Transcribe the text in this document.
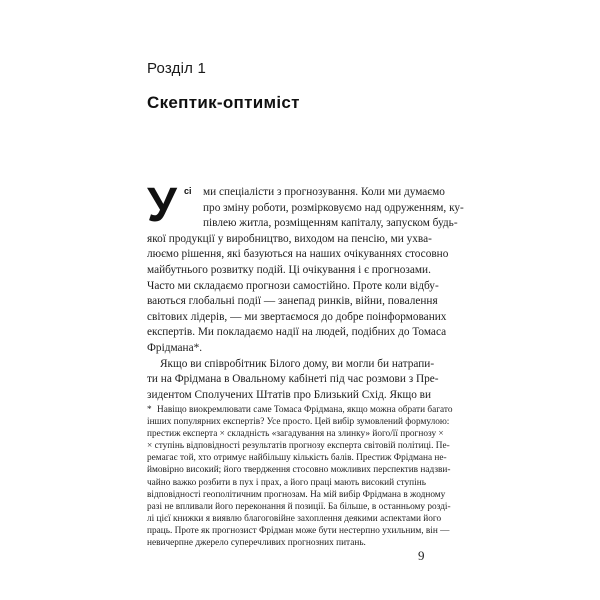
Розділ 1
Скептик-оптиміст
У сі	ми спеціалісти з прогнозування. Коли ми думаємо
про зміну роботи, розмірковуємо над одруженням, ку-
півлею житла, розміщенням капіталу, запуском будь-
якої продукції у виробництво, виходом на пенсію, ми ухва-
люємо рішення, які базуються на наших очікуваннях стосовно
майбутнього розвитку подій. Ці очікування і є прогнозами.
Часто ми складаємо прогнози самостійно. Проте коли відбу-
ваються глобальні події — занепад ринків, війни, повалення
світових лідерів, — ми звертаємося до добре поінформованих
експертів. Ми покладаємо надії на людей, подібних до Томаса
Фрідмана*.
Якщо ви співробітник Білого дому, ви могли би натрапи-
ти на Фрідмана в Овальному кабінеті під час розмови з Пре-
зидентом Сполучених Штатів про Близький Схід. Якщо ви
* Навіщо виокремлювати саме Томаса Фрідмана, якщо можна обрати багато
інших популярних експертів? Усе просто. Цей вибір зумовлений формулою:
престиж експерта × складність «загадування на злинку» його/її прогнозу ×
× ступінь відповідності результатів прогнозу експерта світовій політиці. Пе-
ремагає той, хто отримує найбільшу кількість балів. Престиж Фрідмана не-
ймовірно високий; його твердження стосовно можливих перспектив надзви-
чайно важко розбити в пух і прах, а його праці мають високий ступінь
відповідності геополітичним прогнозам. На мій вибір Фрідмана в жодному
разі не впливали його переконання й позиції. Ба більше, в останньому розді-
лі цієї книжки я виявлю благоговійне захоплення деякими аспектами його
праць. Проте як прогнозист Фрідман може бути нестерпно ухильним, він —
невичерпне джерело суперечливих прогнозних питань.
9
